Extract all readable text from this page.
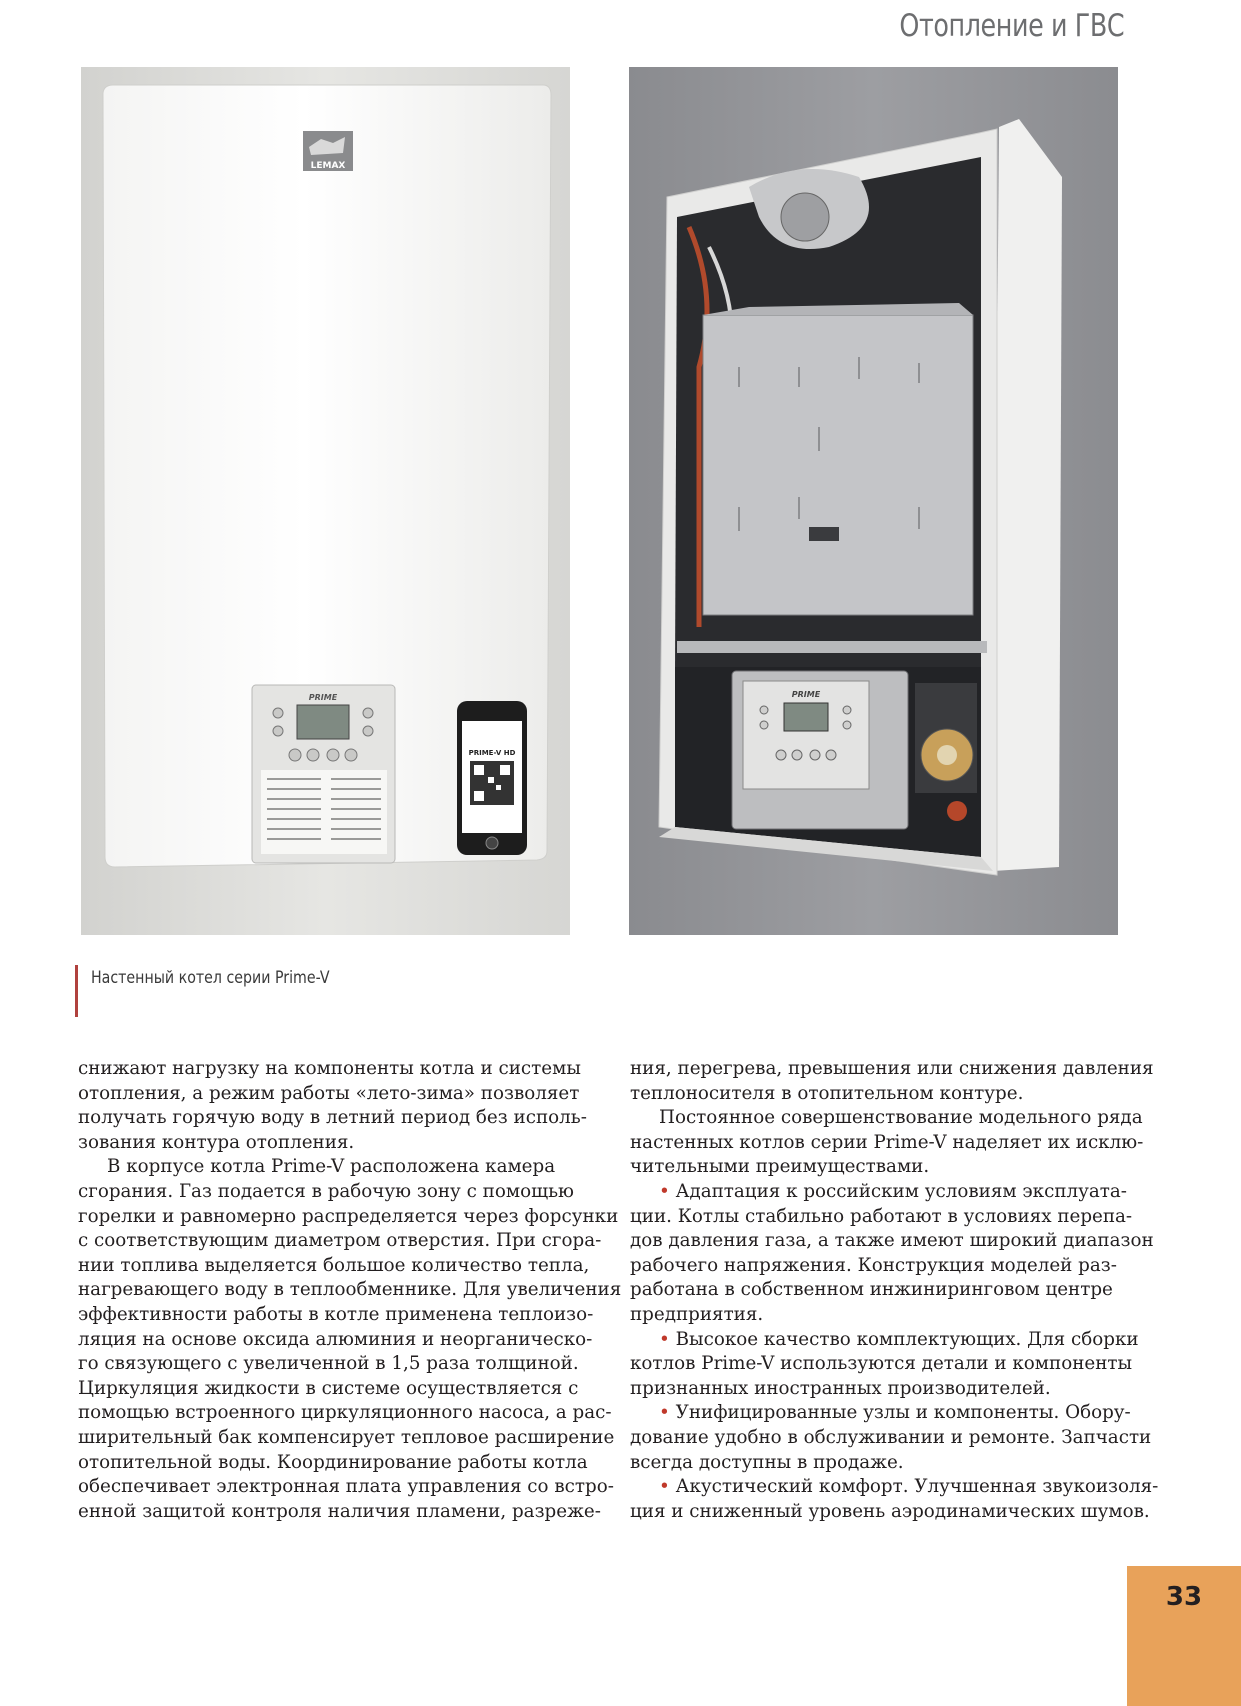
Отопление и ГВС
LEMAX
PRIME
PRIME-V HD
PRIME
Настенный котел серии Prime-V

снижают нагрузку на компоненты котла и системы

отопления, а режим работы «лето-зима» позволяет

получать горячую воду в летний период без исполь-

зования контура отопления.

В корпусе котла Prime-V расположена камера

сгорания. Газ подается в рабочую зону с помощью

горелки и равномерно распределяется через форсунки

с соответствующим диаметром отверстия. При сгора-

нии топлива выделяется большое количество тепла,

нагревающего воду в теплообменнике. Для увеличения

эффективности работы в котле применена теплоизо-

ляция на основе оксида алюминия и неорганическо-

го связующего с увеличенной в 1,5 раза толщиной.

Циркуляция жидкости в системе осуществляется с

помощью встроенного циркуляционного насоса, а рас-

ширительный бак компенсирует тепловое расширение

отопительной воды. Координирование работы котла

обеспечивает электронная плата управления со встро-

енной защитой контроля наличия пламени, разреже-

ния, перегрева, превышения или снижения давления

теплоносителя в отопительном контуре.

Постоянное совершенствование модельного ряда

настенных котлов серии Prime-V наделяет их исклю-

чительными преимуществами.

• Адаптация к российским условиям эксплуата-

ции. Котлы стабильно работают в условиях перепа-

дов давления газа, а также имеют широкий диапазон

рабочего напряжения. Конструкция моделей раз-

работана в собственном инжиниринговом центре

предприятия.

• Высокое качество комплектующих. Для сборки

котлов Prime-V используются детали и компоненты

признанных иностранных производителей.

• Унифицированные узлы и компоненты. Обору-

дование удобно в обслуживании и ремонте. Запчасти

всегда доступны в продаже.

• Акустический комфорт. Улучшенная звукоизоля-

ция и сниженный уровень аэродинамических шумов.

33
